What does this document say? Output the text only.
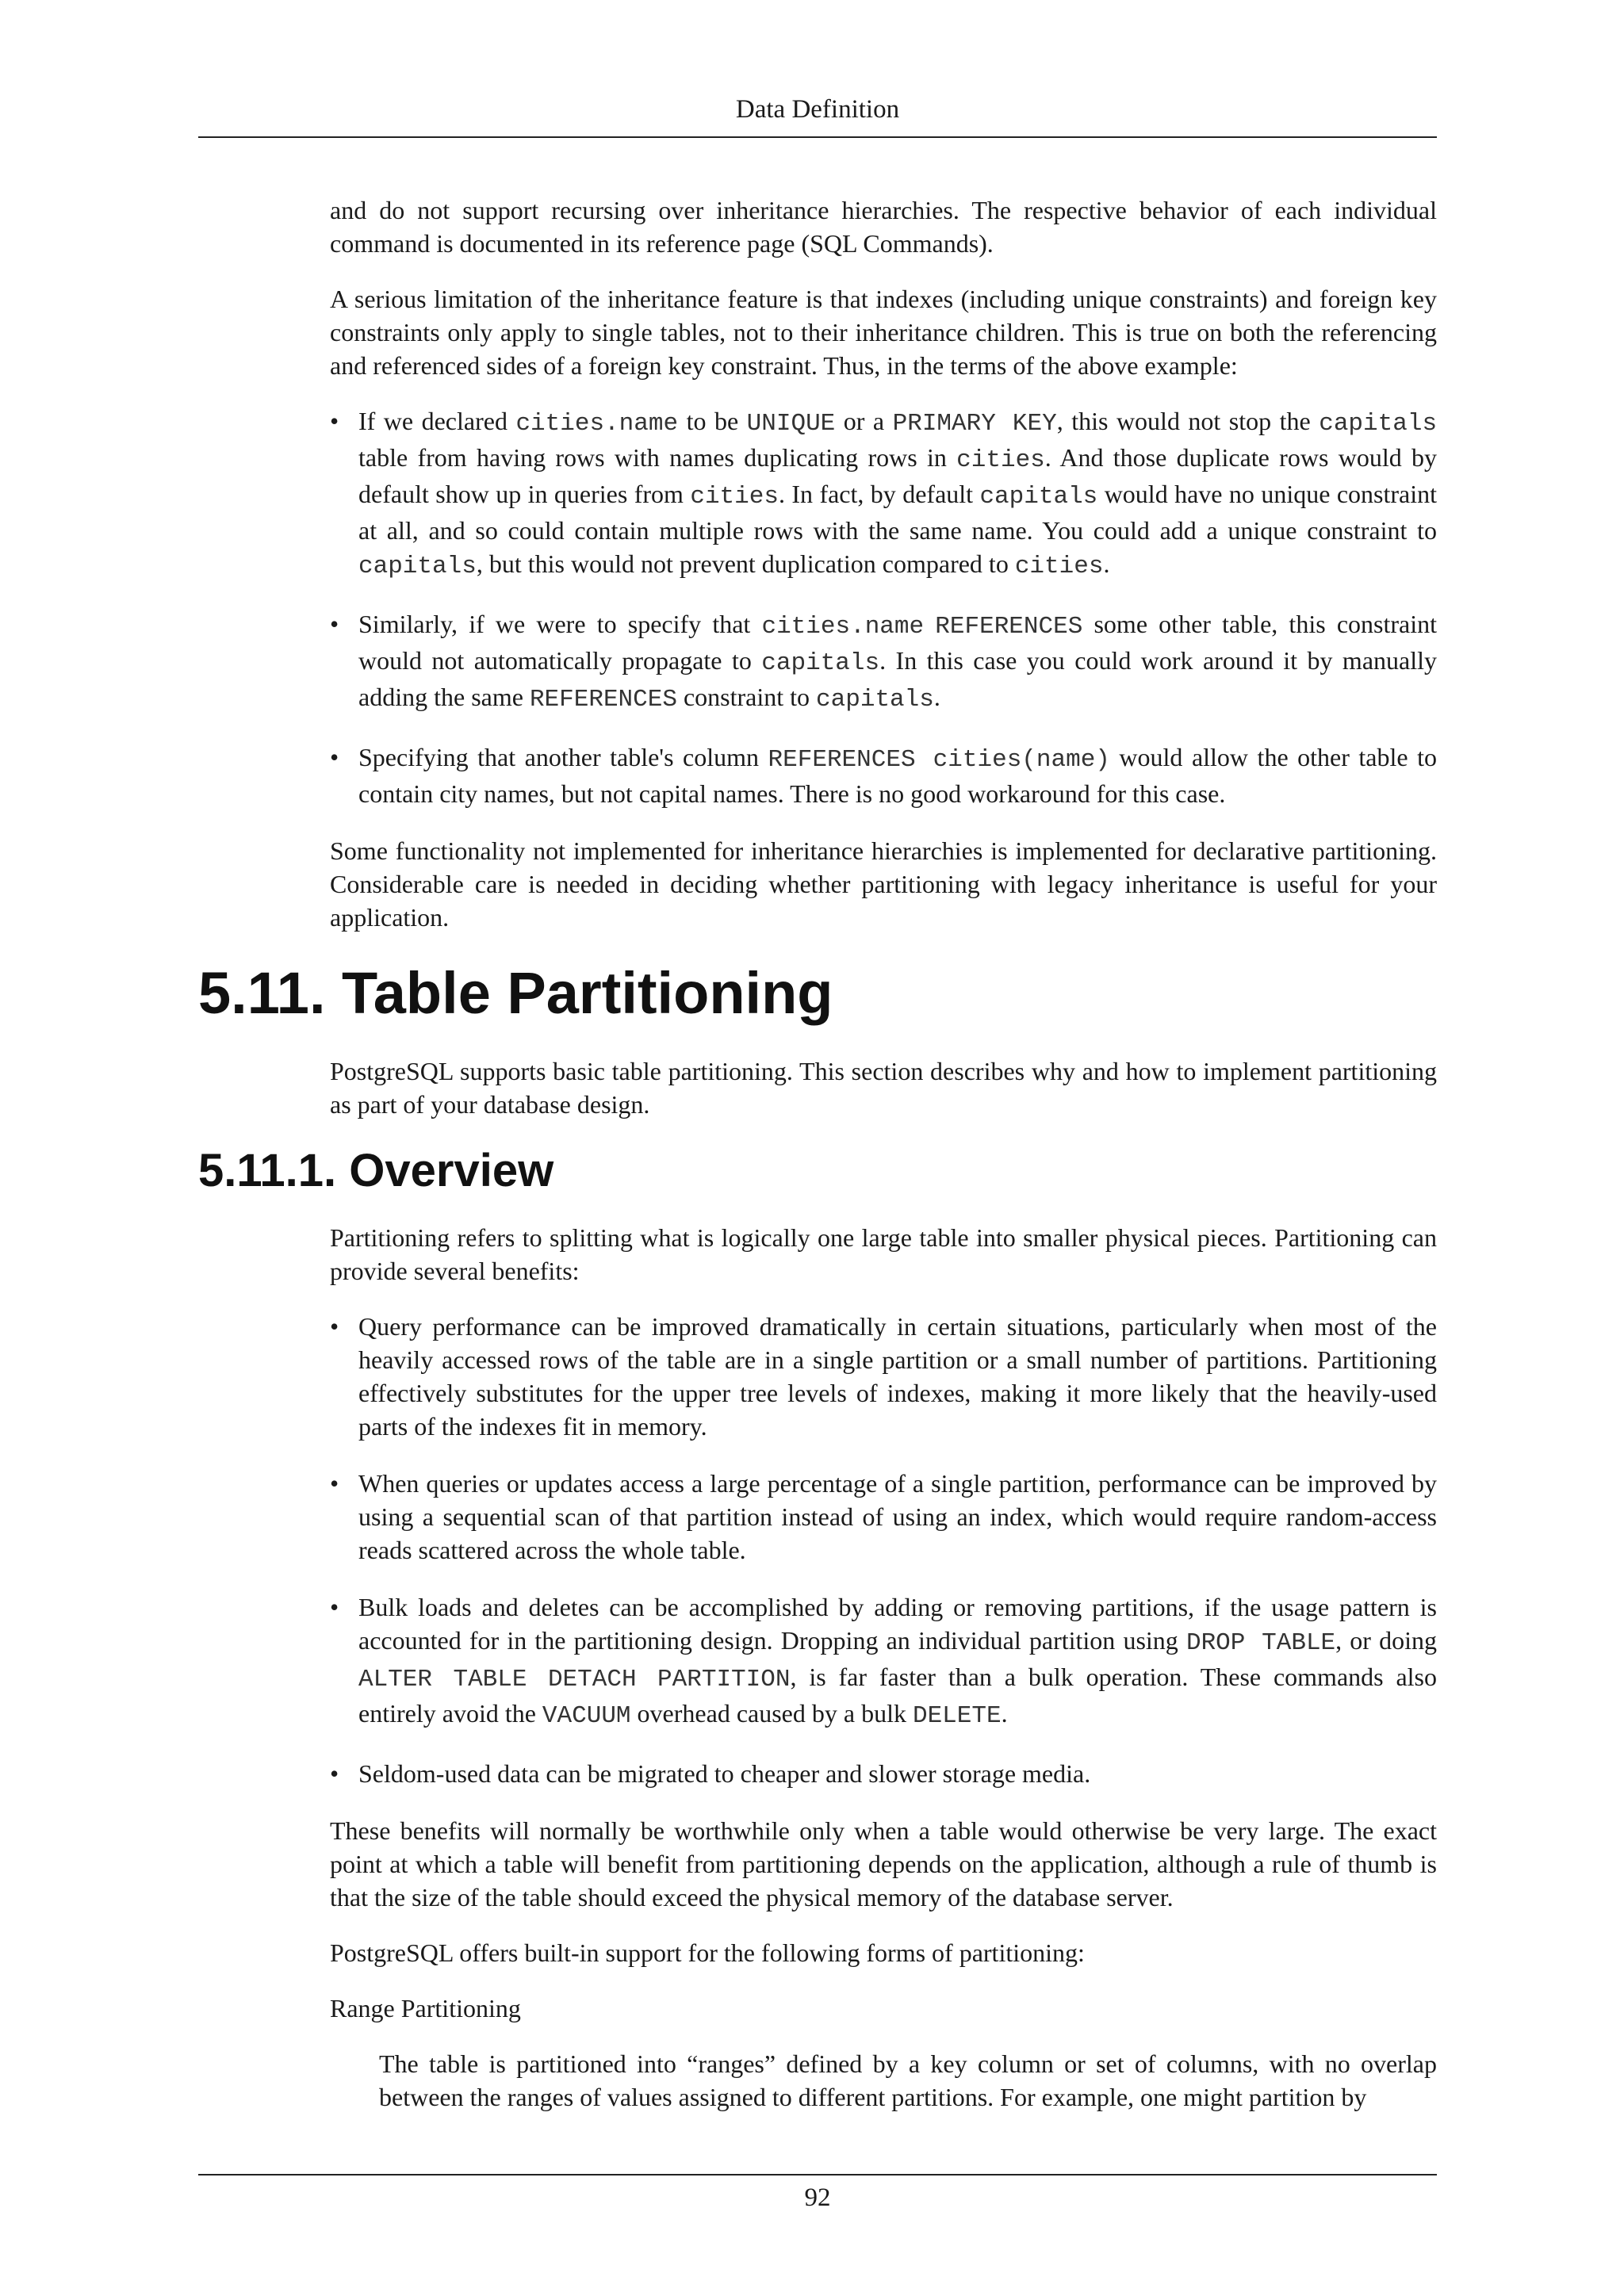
Data Definition

and do not support recursing over inheritance hierarchies. The respective behavior of each individual command is documented in its reference page (SQL Commands).

A serious limitation of the inheritance feature is that indexes (including unique constraints) and foreign key constraints only apply to single tables, not to their inheritance children. This is true on both the referencing and referenced sides of a foreign key constraint. Thus, in the terms of the above example:

• If we declared cities.name to be UNIQUE or a PRIMARY KEY, this would not stop the capitals table from having rows with names duplicating rows in cities. And those duplicate rows would by default show up in queries from cities. In fact, by default capitals would have no unique constraint at all, and so could contain multiple rows with the same name. You could add a unique constraint to capitals, but this would not prevent duplication compared to cities.
• Similarly, if we were to specify that cities.name REFERENCES some other table, this constraint would not automatically propagate to capitals. In this case you could work around it by manually adding the same REFERENCES constraint to capitals.
• Specifying that another table's column REFERENCES cities(name) would allow the other table to contain city names, but not capital names. There is no good workaround for this case.

Some functionality not implemented for inheritance hierarchies is implemented for declarative partitioning. Considerable care is needed in deciding whether partitioning with legacy inheritance is useful for your application.

5.11. Table Partitioning

PostgreSQL supports basic table partitioning. This section describes why and how to implement partitioning as part of your database design.

5.11.1. Overview

Partitioning refers to splitting what is logically one large table into smaller physical pieces. Partitioning can provide several benefits:

• Query performance can be improved dramatically in certain situations, particularly when most of the heavily accessed rows of the table are in a single partition or a small number of partitions. Partitioning effectively substitutes for the upper tree levels of indexes, making it more likely that the heavily-used parts of the indexes fit in memory.
• When queries or updates access a large percentage of a single partition, performance can be improved by using a sequential scan of that partition instead of using an index, which would require random-access reads scattered across the whole table.
• Bulk loads and deletes can be accomplished by adding or removing partitions, if the usage pattern is accounted for in the partitioning design. Dropping an individual partition using DROP TABLE, or doing ALTER TABLE DETACH PARTITION, is far faster than a bulk operation. These commands also entirely avoid the VACUUM overhead caused by a bulk DELETE.
• Seldom-used data can be migrated to cheaper and slower storage media.

These benefits will normally be worthwhile only when a table would otherwise be very large. The exact point at which a table will benefit from partitioning depends on the application, although a rule of thumb is that the size of the table should exceed the physical memory of the database server.

PostgreSQL offers built-in support for the following forms of partitioning:

Range Partitioning
The table is partitioned into “ranges” defined by a key column or set of columns, with no overlap between the ranges of values assigned to different partitions. For example, one might partition by
92
